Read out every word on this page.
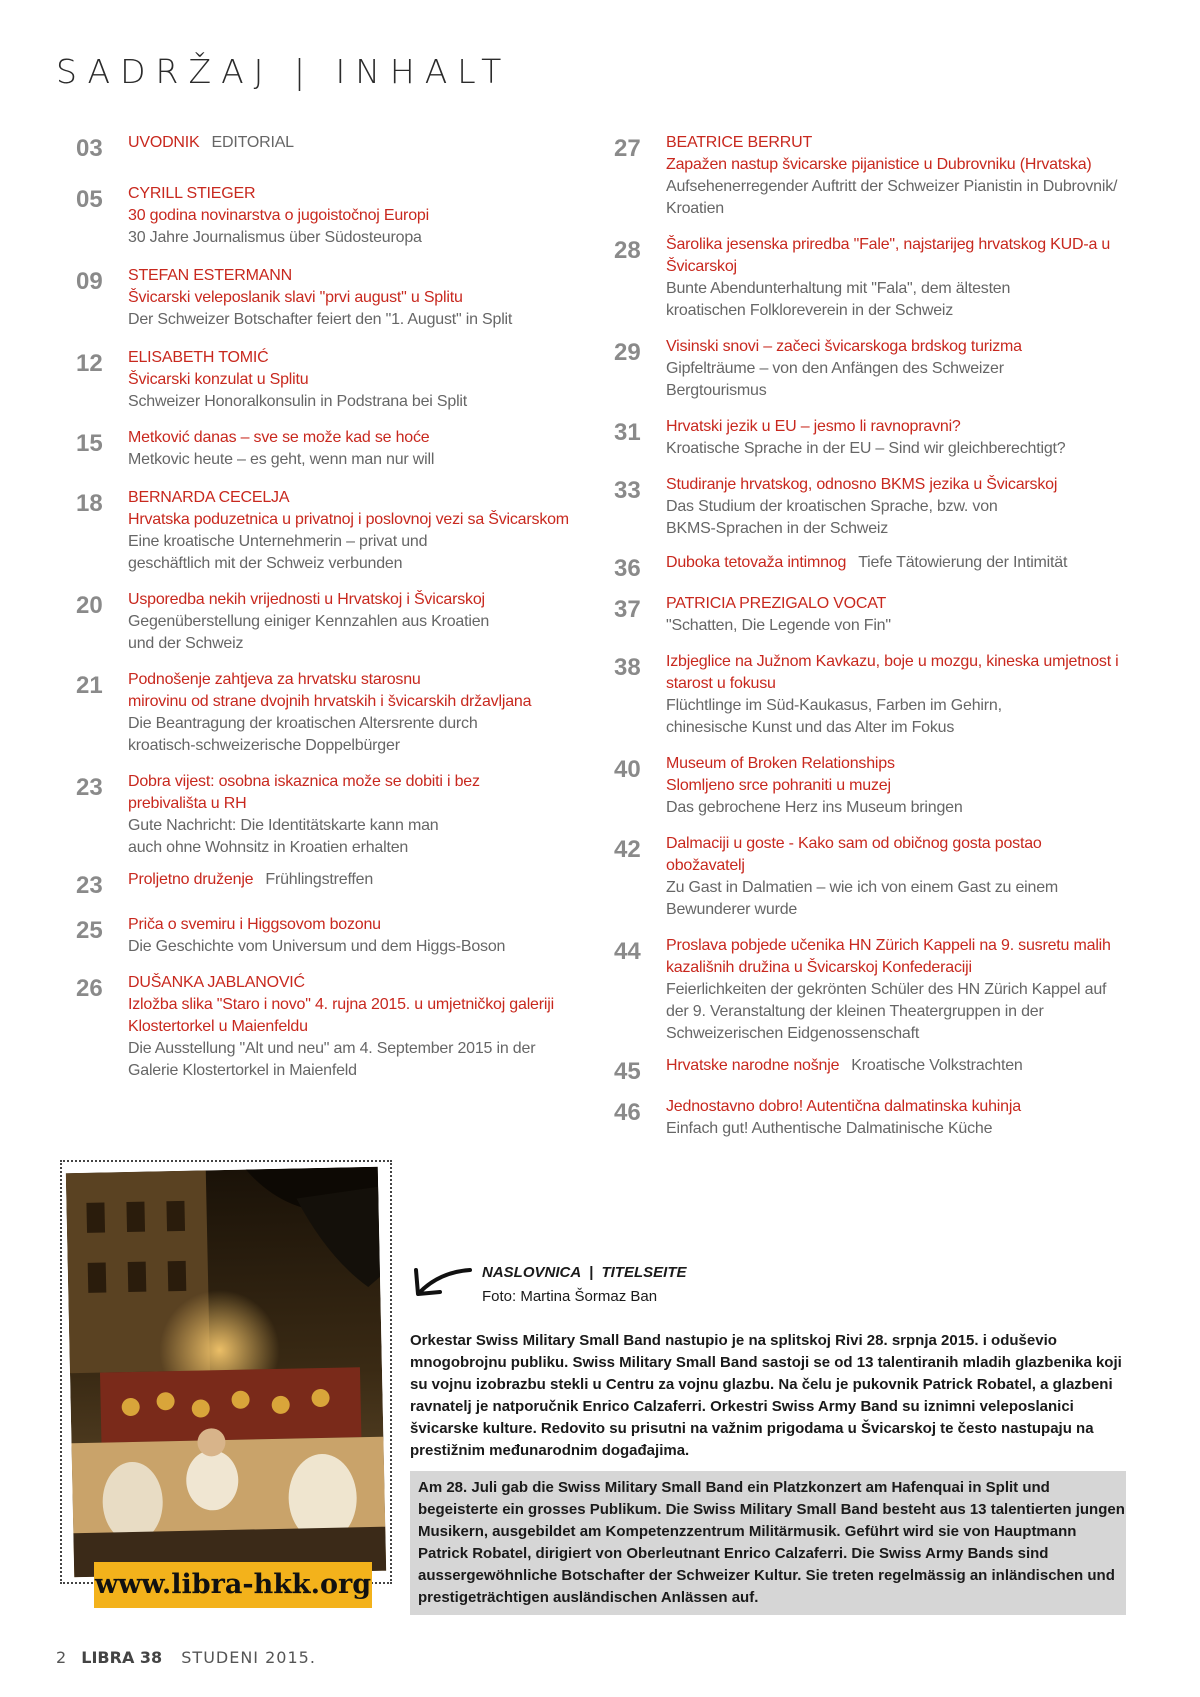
SADRŽAJ | INHALT
03	UVODNIK EDITORIAL
05	CYRILL STIEGER
30 godina novinarstva o jugoistočnoj Europi
30 Jahre Journalismus über Südosteuropa
09	STEFAN ESTERMANN
Švicarski veleposlanik slavi "prvi august" u Splitu
Der Schweizer Botschafter feiert den "1. August" in Split
12	ELISABETH TOMIĆ
Švicarski konzulat u Splitu
Schweizer Honoralkonsulin in Podstrana bei Split
15	Metković danas – sve se može kad se hoće
Metkovic heute – es geht, wenn man nur will
18	BERNARDA CECELJA
Hrvatska poduzetnica u privatnoj i poslovnoj vezi sa Švicarskom
Eine kroatische Unternehmerin – privat und
geschäftlich mit der Schweiz verbunden
20	Usporedba nekih vrijednosti u Hrvatskoj i Švicarskoj
Gegenüberstellung einiger Kennzahlen aus Kroatien
und der Schweiz
21	Podnošenje zahtjeva za hrvatsku starosnu
mirovinu od strane dvojnih hrvatskih i švicarskih državljana
Die Beantragung der kroatischen Altersrente durch
kroatisch-schweizerische Doppelbürger
23	Dobra vijest: osobna iskaznica može se dobiti i bez
prebivališta u RH
Gute Nachricht: Die Identitätskarte kann man
auch ohne Wohnsitz in Kroatien erhalten
23	Proljetno druženje Frühlingstreffen
25	Priča o svemiru i Higgsovom bozonu
Die Geschichte vom Universum und dem Higgs-Boson
26	DUŠANKA JABLANOVIĆ
Izložba slika "Staro i novo" 4. rujna 2015. u umjetničkoj galeriji
Klostertorkel u Maienfeldu
Die Ausstellung "Alt und neu" am 4. September 2015 in der
Galerie Klostertorkel in Maienfeld
27	BEATRICE BERRUT
Zapažen nastup švicarske pijanistice u Dubrovniku (Hrvatska)
Aufsehenerregender Auftritt der Schweizer Pianistin in Dubrovnik/
Kroatien
28	Šarolika jesenska priredba "Fale", najstarijeg hrvatskog KUD-a u
Švicarskoj
Bunte Abendunterhaltung mit "Fala", dem ältesten
kroatischen Folkloreverein in der Schweiz
29	Visinski snovi – začeci švicarskoga brdskog turizma
Gipfelträume – von den Anfängen des Schweizer
Bergtourismus
31	Hrvatski jezik u EU – jesmo li ravnopravni?
Kroatische Sprache in der EU – Sind wir gleichberechtigt?
33	Studiranje hrvatskog, odnosno BKMS jezika u Švicarskoj
Das Studium der kroatischen Sprache, bzw. von
BKMS-Sprachen in der Schweiz
36	Duboka tetovaža intimnog Tiefe Tätowierung der Intimität
37	PATRICIA PREZIGALO VOCAT
"Schatten, Die Legende von Fin"
38	Izbjeglice na Južnom Kavkazu, boje u mozgu, kineska umjetnost i
starost u fokusu
Flüchtlinge im Süd-Kaukasus, Farben im Gehirn,
chinesische Kunst und das Alter im Fokus
40	Museum of Broken Relationships
Slomljeno srce pohraniti u muzej
Das gebrochene Herz ins Museum bringen
42	Dalmaciji u goste - Kako sam od običnog gosta postao
obožavatelj
Zu Gast in Dalmatien – wie ich von einem Gast zu einem
Bewunderer wurde
44	Proslava pobjede učenika HN Zürich Kappeli na 9. susretu malih
kazališnih družina u Švicarskoj Konfederaciji
Feierlichkeiten der gekrönten Schüler des HN Zürich Kappel auf
der 9. Veranstaltung der kleinen Theatergruppen in der
Schweizerischen Eidgenossenschaft
45	Hrvatske narodne nošnje Kroatische Volkstrachten
46	Jednostavno dobro! Autentična dalmatinska kuhinja
Einfach gut! Authentische Dalmatinische Küche
www.libra-hkk.org
NASLOVNICA  |  TITELSEITE
Foto: Martina Šormaz Ban
Orkestar Swiss Military Small Band nastupio je na splitskoj Rivi 28. srpnja 2015. i oduševio mnogobrojnu publiku. Swiss Military Small Band sastoji se od 13 talentiranih mladih glazbenika koji su vojnu izobrazbu stekli u Centru za vojnu glazbu. Na čelu je pukovnik Patrick Robatel, a glazbeni ravnatelj je natporučnik Enrico Calzaferri. Orkestri Swiss Army Band su iznimni veleposlanici švicarske kulture. Redovito su prisutni na važnim prigodama u Švicarskoj te često nastupaju na prestižnim međunarodnim događajima.
Am 28. Juli gab die Swiss Military Small Band ein Platzkonzert am Hafenquai in Split und begeisterte ein grosses Publikum. Die Swiss Military Small Band besteht aus 13 talentierten jungen Musikern, ausgebildet am Kompetenzzentrum Militärmusik. Geführt wird sie von Hauptmann Patrick Robatel, dirigiert von Oberleutnant Enrico Calzaferri. Die Swiss Army Bands sind aussergewöhnliche Botschafter der Schweizer Kultur. Sie treten regelmässig an inländischen und prestigeträchtigen ausländischen Anlässen auf.
2 LIBRA 38 STUDENI 2015.
